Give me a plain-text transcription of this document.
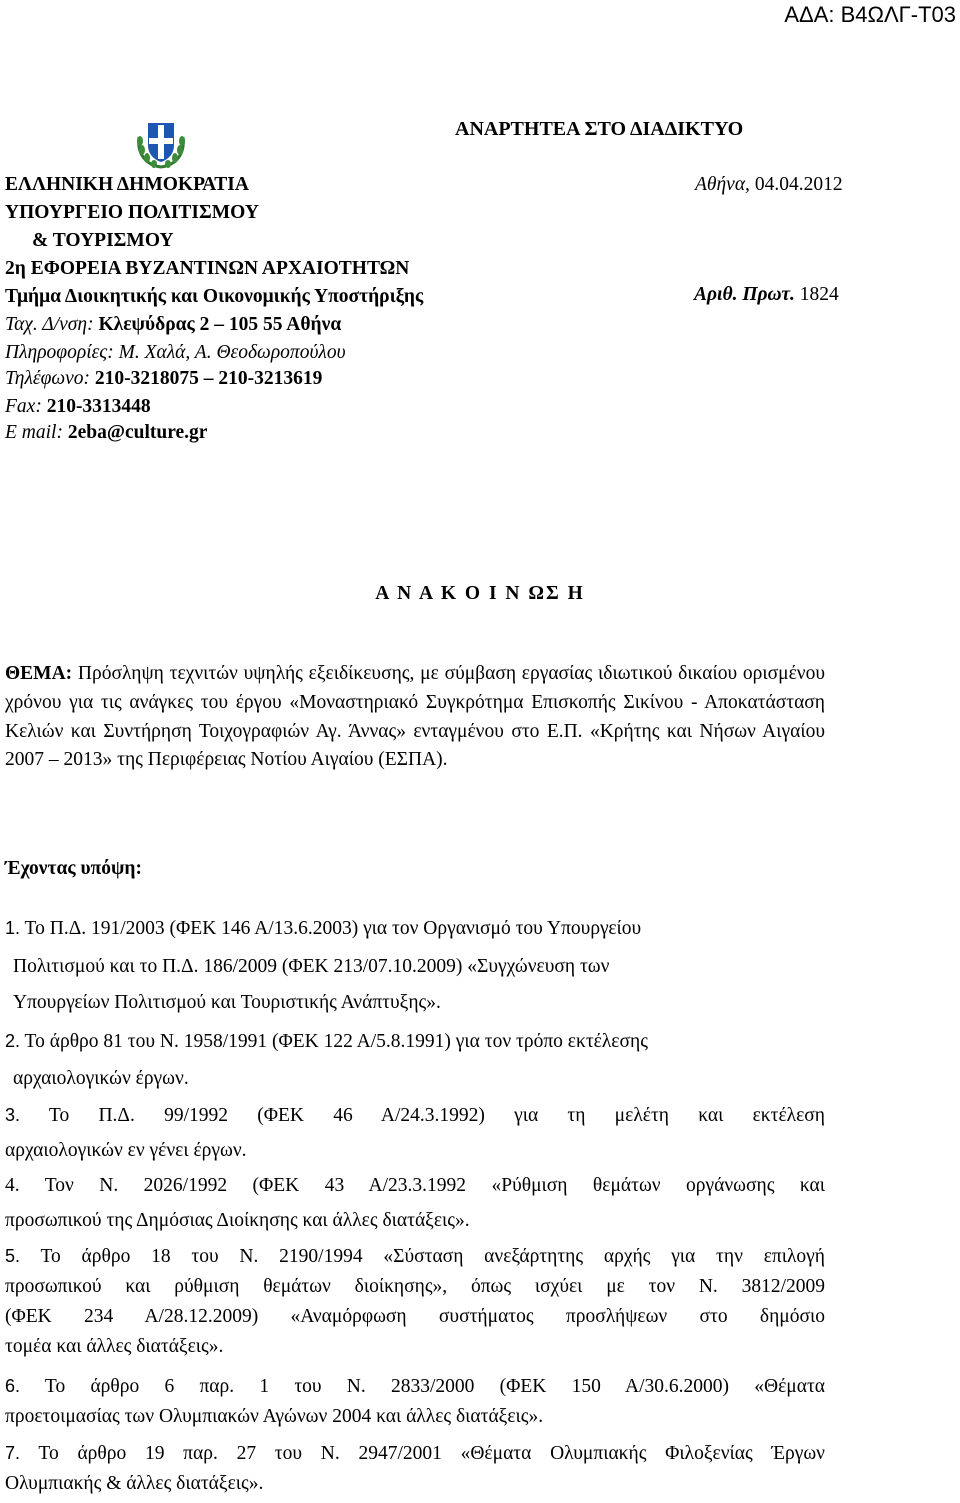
ΑΔΑ: Β4ΩΛΓ-Τ03
ΑΝΑΡΤΗΤΕΑ ΣΤΟ ΔΙΑΔΙΚΤΥΟ
ΕΛΛΗΝΙΚΗ ΔΗΜΟΚΡΑΤΙΑ
ΥΠΟΥΡΓΕΙΟ ΠΟΛΙΤΙΣΜΟΥ
& ΤΟΥΡΙΣΜΟΥ
2η ΕΦΟΡΕΙΑ ΒΥΖΑΝΤΙΝΩΝ ΑΡΧΑΙΟΤΗΤΩΝ
Τμήμα Διοικητικής και Οικονομικής Υποστήριξης
Ταχ. Δ/νση: Κλεψύδρας 2 – 105 55 Αθήνα
Πληροφορίες: Μ. Χαλά, Α. Θεοδωροπούλου
Τηλέφωνο: 210-3218075 – 210-3213619
Fax: 210-3313448
E mail: 2eba@culture.gr
Αθήνα, 04.04.2012
Αριθ. Πρωτ. 1824
Α Ν Α Κ Ο Ι Ν ΩΣ Η
ΘΕΜΑ: Πρόσληψη τεχνιτών υψηλής εξειδίκευσης, με σύμβαση εργασίας ιδιωτικού δικαίου ορισμένου χρόνου για τις ανάγκες του έργου «Μοναστηριακό Συγκρότημα Επισκοπής Σικίνου - Αποκατάσταση Κελιών και Συντήρηση Τοιχογραφιών Αγ. Άννας» ενταγμένου στο Ε.Π. «Κρήτης και Νήσων Αιγαίου 2007 – 2013» της Περιφέρειας Νοτίου Αιγαίου (ΕΣΠΑ).
Έχοντας υπόψη:
1. Το Π.Δ. 191/2003 (ΦΕΚ 146 Α/13.6.2003) για τον Οργανισμό του Υπουργείου
Πολιτισμού και το Π.Δ. 186/2009 (ΦΕΚ 213/07.10.2009) «Συγχώνευση των
Υπουργείων Πολιτισμού και Τουριστικής Ανάπτυξης».
2. Το άρθρο 81 του Ν. 1958/1991 (ΦΕΚ 122 Α/5.8.1991) για τον τρόπο εκτέλεσης
αρχαιολογικών έργων.
3. Το Π.Δ. 99/1992 (ΦΕΚ 46 Α/24.3.1992) για τη μελέτη και εκτέλεση
αρχαιολογικών εν γένει έργων.
4. Τον Ν. 2026/1992 (ΦΕΚ 43 Α/23.3.1992 «Ρύθμιση θεμάτων οργάνωσης και
προσωπικού της Δημόσιας Διοίκησης και άλλες διατάξεις».
5. Το άρθρο 18 του Ν. 2190/1994 «Σύσταση ανεξάρτητης αρχής για την επιλογή
προσωπικού και ρύθμιση θεμάτων διοίκησης», όπως ισχύει με τον Ν. 3812/2009
(ΦΕΚ 234 Α/28.12.2009) «Αναμόρφωση συστήματος προσλήψεων στο δημόσιο
τομέα και άλλες διατάξεις».
6. Το άρθρο 6 παρ. 1 του Ν. 2833/2000 (ΦΕΚ 150 Α/30.6.2000) «Θέματα
προετοιμασίας των Ολυμπιακών Αγώνων 2004 και άλλες διατάξεις».
7. Το άρθρο 19 παρ. 27 του Ν. 2947/2001 «Θέματα Ολυμπιακής Φιλοξενίας Έργων
Ολυμπιακής & άλλες διατάξεις».
